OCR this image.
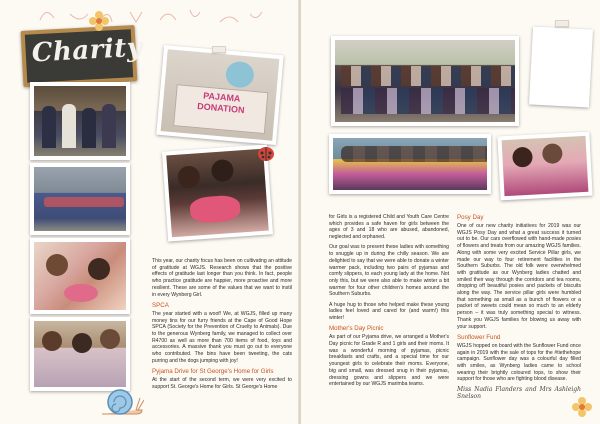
Charity
PAJAMA
DONATION

This year, our charity focus has been on cultivating an attitude of gratitude at WGJS. Research shows that the positive effects of gratitude last longer than you think. In fact, people who practice gratitude are happier, more proactive and more resilient. These are some of the values that we want to instil in every Wynberg Girl.

SPCA

The year started with a woof! We, at WGJS, filled up many money tins for our furry friends at the Cape of Good Hope SPCA (Society for the Prevention of Cruelty to Animals). Due to the generous Wynberg family, we managed to collect over R4700 as well as more than 700 items of food, toys and accessories. A massive thank you must go out to everyone who contributed. The bins have been tweeting, the cats purring and the dogs jumping with joy!

Pyjama Drive for St George's Home for Girls

At the start of the second term, we were very excited to support St. George's Home for Girls. St George's Home

for Girls is a registered Child and Youth Care Centre which provides a safe haven for girls between the ages of 3 and 18 who are abused, abandoned, neglected and orphaned.

Our goal was to present these ladies with something to snuggle up in during the chilly season. We are delighted to say that we were able to donate a winter warmer pack, including two pairs of pyjamas and comfy slippers, to each young lady at the home. Not only this, but we were also able to make winter a bit warmer for four other children's homes around the Southern Suburbs.

A huge hug to those who helped make these young ladies feel loved and cared for (and warm!) this winter!

Mother's Day Picnic

As part of our Pyjama drive, we arranged a Mother's Day picnic for Grade R and 1 girls and their moms. It was a wonderful morning of pyjamas, picnic breakfasts and crafts, and a special time for our youngest girls to celebrate their moms. Everyone, big and small, was dressed snug in their pyjamas, dressing gowns and slippers and we were entertained by our WGJS marimba teams.

Posy Day

One of our new charity initiatives for 2019 was our WGJS Posy Day and what a great success it turned out to be. Our cars overflowed with hand-made posies of flowers and treats from our amazing WGJS families. Along with some very excited Service Pillar girls, we made our way to four retirement facilities in the Southern Suburbs. The old folk were overwhelmed with gratitude as our Wynberg ladies chatted and smiled their way through the corridors and tea rooms, dropping off beautiful posies and packets of biscuits along the way. The service pillar girls were humbled that something as small as a bunch of flowers or a packet of sweets could mean so much to an elderly person – it was truly something special to witness. Thank you WGJS families for blowing us away with your support.

Sunflower Fund

WGJS hopped on board with the Sunflower Fund once again in 2019 with the sale of tops for the #tiethehope campaign. Sunflower day was a colourful day filled with smiles, as Wynberg ladies came to school wearing their brightly coloured tops, to show their support for those who are fighting blood disease.

Miss Nadia Flanders and Mrs Ashleigh Snelson
